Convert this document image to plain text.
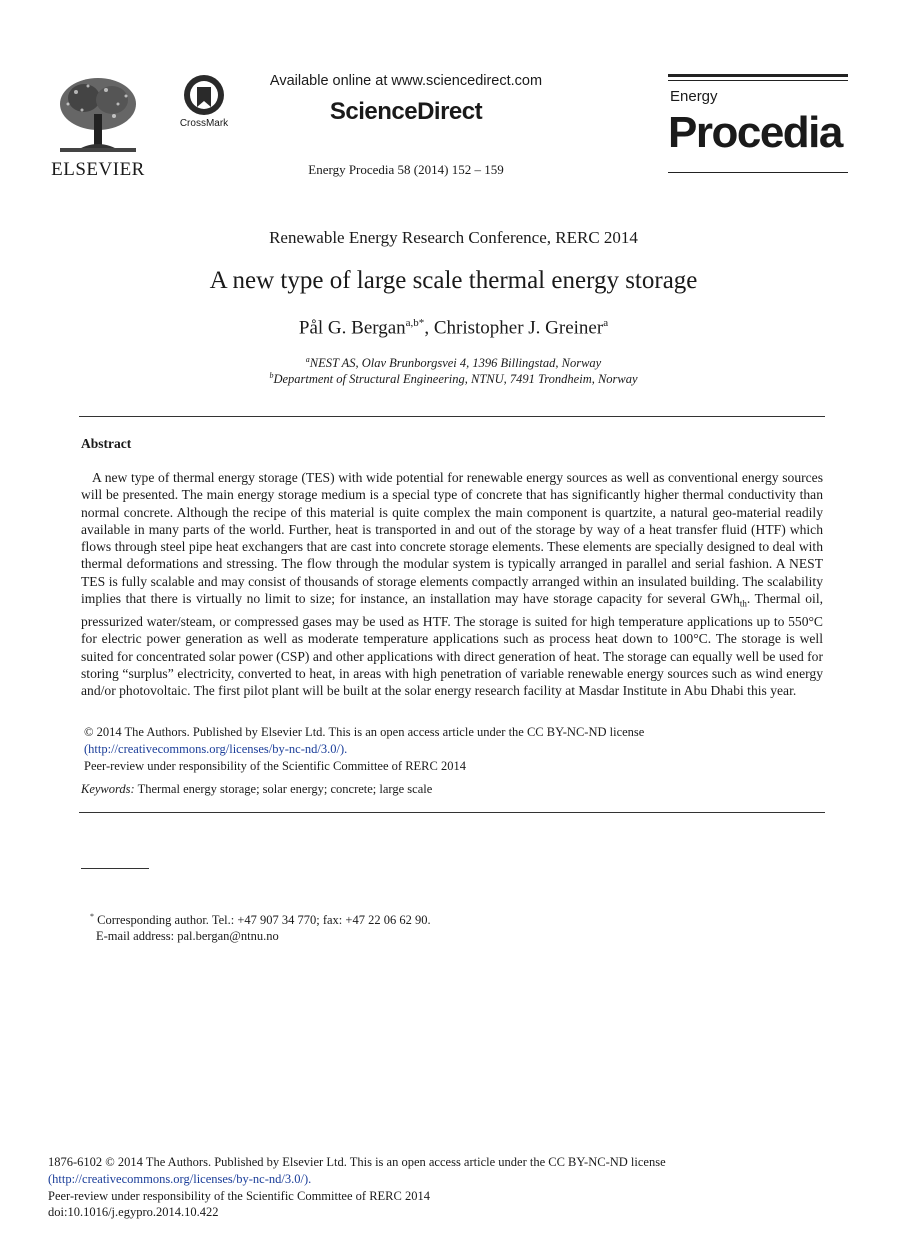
ELSEVIER
CrossMark
Available online at www.sciencedirect.com
ScienceDirect
Energy Procedia 58 (2014) 152 – 159
Energy
Procedia
Renewable Energy Research Conference, RERC 2014
A new type of large scale thermal energy storage
Pål G. Bergan$^{a,b*}$, Christopher J. Greiner$^a$
$^a$NEST AS, Olav Brunborgsvei 4, 1396 Billingstad, Norway
$^b$Department of Structural Engineering, NTNU, 7491 Trondheim, Norway
Abstract

A new type of thermal energy storage (TES) with wide potential for renewable energy sources as well as conventional energy sources will be presented. The main energy storage medium is a special type of concrete that has significantly higher thermal conductivity than normal concrete. Although the recipe of this material is quite complex the main component is quartzite, a natural geo-material readily available in many parts of the world. Further, heat is transported in and out of the storage by way of a heat transfer fluid (HTF) which flows through steel pipe heat exchangers that are cast into concrete storage elements. These elements are specially designed to deal with thermal deformations and stressing. The flow through the modular system is typically arranged in parallel and serial fashion. A NEST TES is fully scalable and may consist of thousands of storage elements compactly arranged within an insulated building. The scalability implies that there is virtually no limit to size; for instance, an installation may have storage capacity for several GWh$_{th}$. Thermal oil, pressurized water/steam, or compressed gases may be used as HTF. The storage is suited for high temperature applications up to 550°C for electric power generation as well as moderate temperature applications such as process heat down to 100°C. The storage is well suited for concentrated solar power (CSP) and other applications with direct generation of heat. The storage can equally well be used for storing “surplus” electricity, converted to heat, in areas with high penetration of variable renewable energy sources such as wind energy and/or photovoltaic. The first pilot plant will be built at the solar energy research facility at Masdar Institute in Abu Dhabi this year.

© 2014 The Authors. Published by Elsevier Ltd. This is an open access article under the CC BY-NC-ND license
(http://creativecommons.org/licenses/by-nc-nd/3.0/).
Peer-review under responsibility of the Scientific Committee of RERC 2014
Keywords: Thermal energy storage; solar energy; concrete; large scale
* Corresponding author. Tel.: +47 907 34 770; fax: +47 22 06 62 90.
E-mail address: pal.bergan@ntnu.no
1876-6102 © 2014 The Authors. Published by Elsevier Ltd. This is an open access article under the CC BY-NC-ND license
(http://creativecommons.org/licenses/by-nc-nd/3.0/).
Peer-review under responsibility of the Scientific Committee of RERC 2014
doi:10.1016/j.egypro.2014.10.422
